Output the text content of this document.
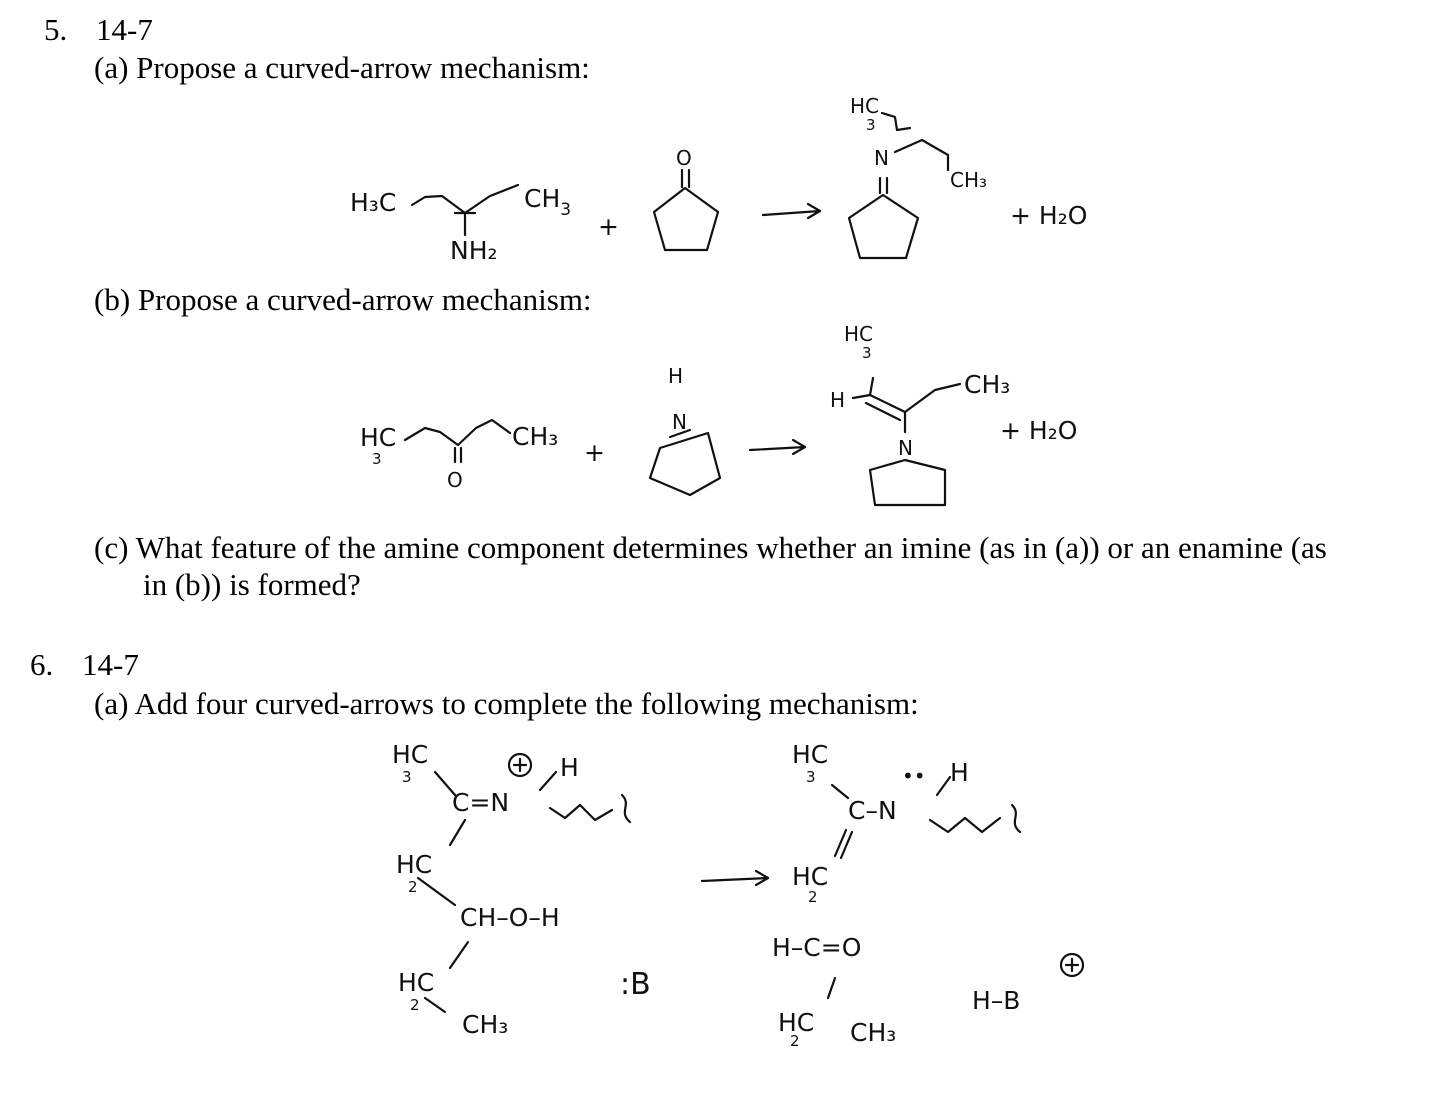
5. 14-7
(a) Propose a curved-arrow mechanism:
(b) Propose a curved-arrow mechanism:
(c) What feature of the amine component determines whether an imine (as in (a)) or an enamine (as
in (b)) is formed?
6. 14-7
(a) Add four curved-arrows to complete the following mechanism:
H₃C	$CH_3$
NH₂
+
O
HC
3
N
CH₃
+ H₂O
HC
3
CH₃
O
+
H
N
HC
3
H
CH₃
N
+ H₂O
HC
3	H
C=N
HC
2
CH–O–H
HC
2
CH₃
:B
HC
3	•• H
C–N
HC
2
H–C=O
HC
2 CH₃
H–B
